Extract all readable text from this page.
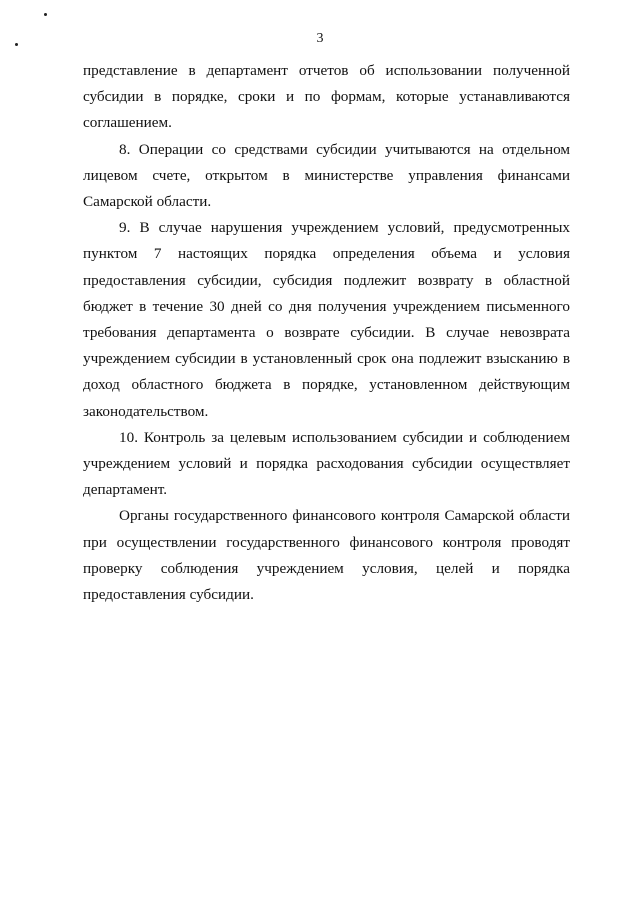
3

представление в департамент отчетов об использовании полученной субсидии в порядке, сроки и по формам, которые устанавливаются соглашением.

8. Операции со средствами субсидии учитываются на отдельном лицевом счете, открытом в министерстве управления финансами Самарской области.

9. В случае нарушения учреждением условий, предусмотренных пунктом 7 настоящих порядка определения объема и условия предоставления субсидии, субсидия подлежит возврату в областной бюджет в течение 30 дней со дня получения учреждением письменного требования департамента о возврате субсидии. В случае невозврата учреждением субсидии в установленный срок она подлежит взысканию в доход областного бюджета в порядке, установленном действующим законодательством.

10. Контроль за целевым использованием субсидии и соблюдением учреждением условий и порядка расходования субсидии осуществляет департамент.

Органы государственного финансового контроля Самарской области при осуществлении государственного финансового контроля проводят проверку соблюдения учреждением условия, целей и порядка предоставления субсидии.
